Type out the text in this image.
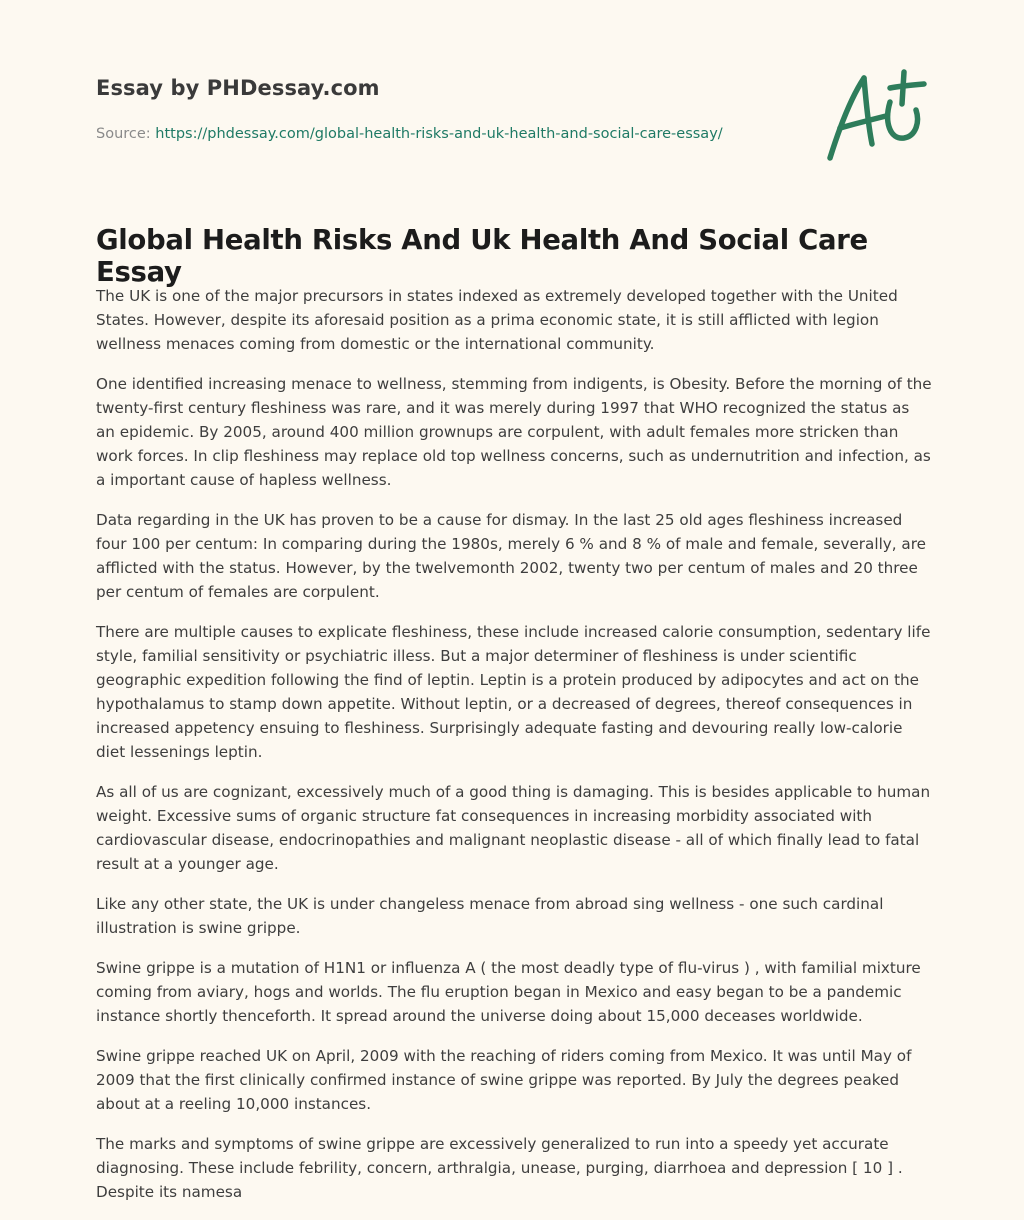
Essay by PHDessay.com
Source: https://phdessay.com/global-health-risks-and-uk-health-and-social-care-essay/
Global Health Risks And Uk Health And Social Care Essay

The UK is one of the major precursors in states indexed as extremely developed together with the United States. However, despite its aforesaid position as a prima economic state, it is still afflicted with legion wellness menaces coming from domestic or the international community.

One identified increasing menace to wellness, stemming from indigents, is Obesity. Before the morning of the twenty-first century fleshiness was rare, and it was merely during 1997 that WHO recognized the status as an epidemic. By 2005, around 400 million grownups are corpulent, with adult females more stricken than work forces. In clip fleshiness may replace old top wellness concerns, such as undernutrition and infection, as a important cause of hapless wellness.

Data regarding in the UK has proven to be a cause for dismay. In the last 25 old ages fleshiness increased four 100 per centum: In comparing during the 1980s, merely 6 % and 8 % of male and female, severally, are afflicted with the status. However, by the twelvemonth 2002, twenty two per centum of males and 20 three per centum of females are corpulent.

There are multiple causes to explicate fleshiness, these include increased calorie consumption, sedentary life style, familial sensitivity or psychiatric illess. But a major determiner of fleshiness is under scientific geographic expedition following the find of leptin. Leptin is a protein produced by adipocytes and act on the hypothalamus to stamp down appetite. Without leptin, or a decreased of degrees, thereof consequences in increased appetency ensuing to fleshiness. Surprisingly adequate fasting and devouring really low-calorie diet lessenings leptin.

As all of us are cognizant, excessively much of a good thing is damaging. This is besides applicable to human weight. Excessive sums of organic structure fat consequences in increasing morbidity associated with cardiovascular disease, endocrinopathies and malignant neoplastic disease - all of which finally lead to fatal result at a younger age.

Like any other state, the UK is under changeless menace from abroad sing wellness - one such cardinal illustration is swine grippe.

Swine grippe is a mutation of H1N1 or influenza A ( the most deadly type of flu-virus ) , with familial mixture coming from aviary, hogs and worlds. The flu eruption began in Mexico and easy began to be a pandemic instance shortly thenceforth. It spread around the universe doing about 15,000 deceases worldwide.

Swine grippe reached UK on April, 2009 with the reaching of riders coming from Mexico. It was until May of 2009 that the first clinically confirmed instance of swine grippe was reported. By July the degrees peaked about at a reeling 10,000 instances.

The marks and symptoms of swine grippe are excessively generalized to run into a speedy yet accurate diagnosing. These include febrility, concern, arthralgia, unease, purging, diarrhoea and depression [ 10 ] . Despite its namesa
